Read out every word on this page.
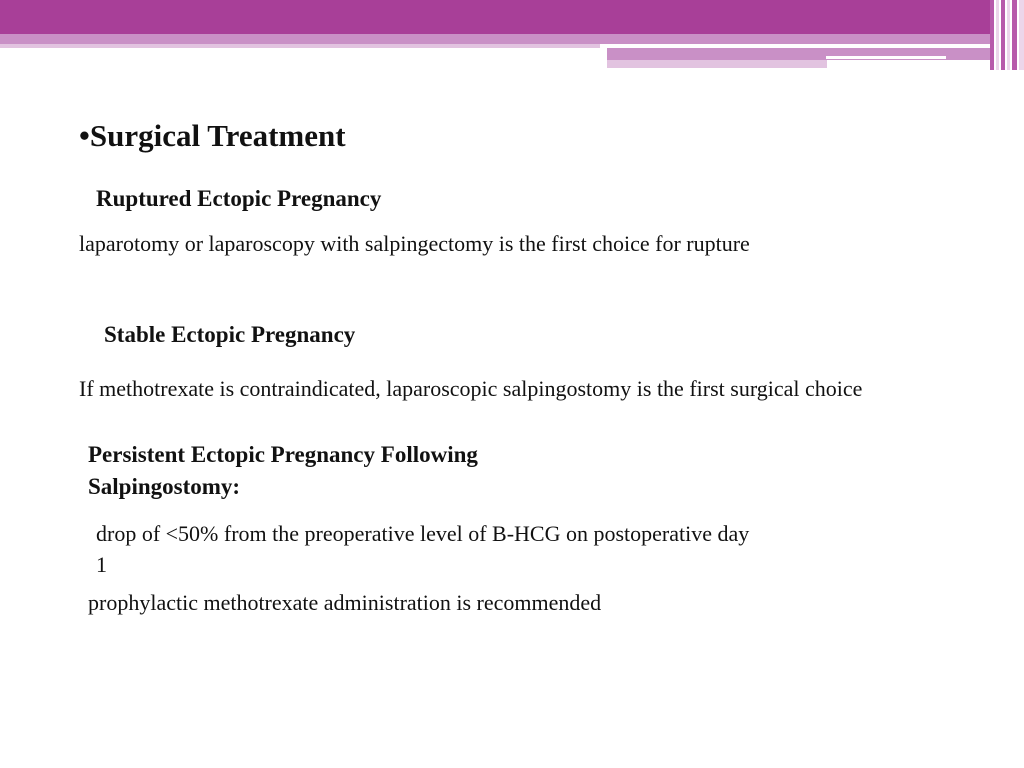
•Surgical Treatment
Ruptured Ectopic Pregnancy
laparotomy or laparoscopy with salpingectomy is the first choice for rupture
Stable Ectopic Pregnancy
If methotrexate is contraindicated, laparoscopic salpingostomy is the first surgical choice
Persistent Ectopic Pregnancy Following
Salpingostomy:
drop of <50% from the preoperative level of B-HCG on postoperative day 1
prophylactic methotrexate administration is recommended
